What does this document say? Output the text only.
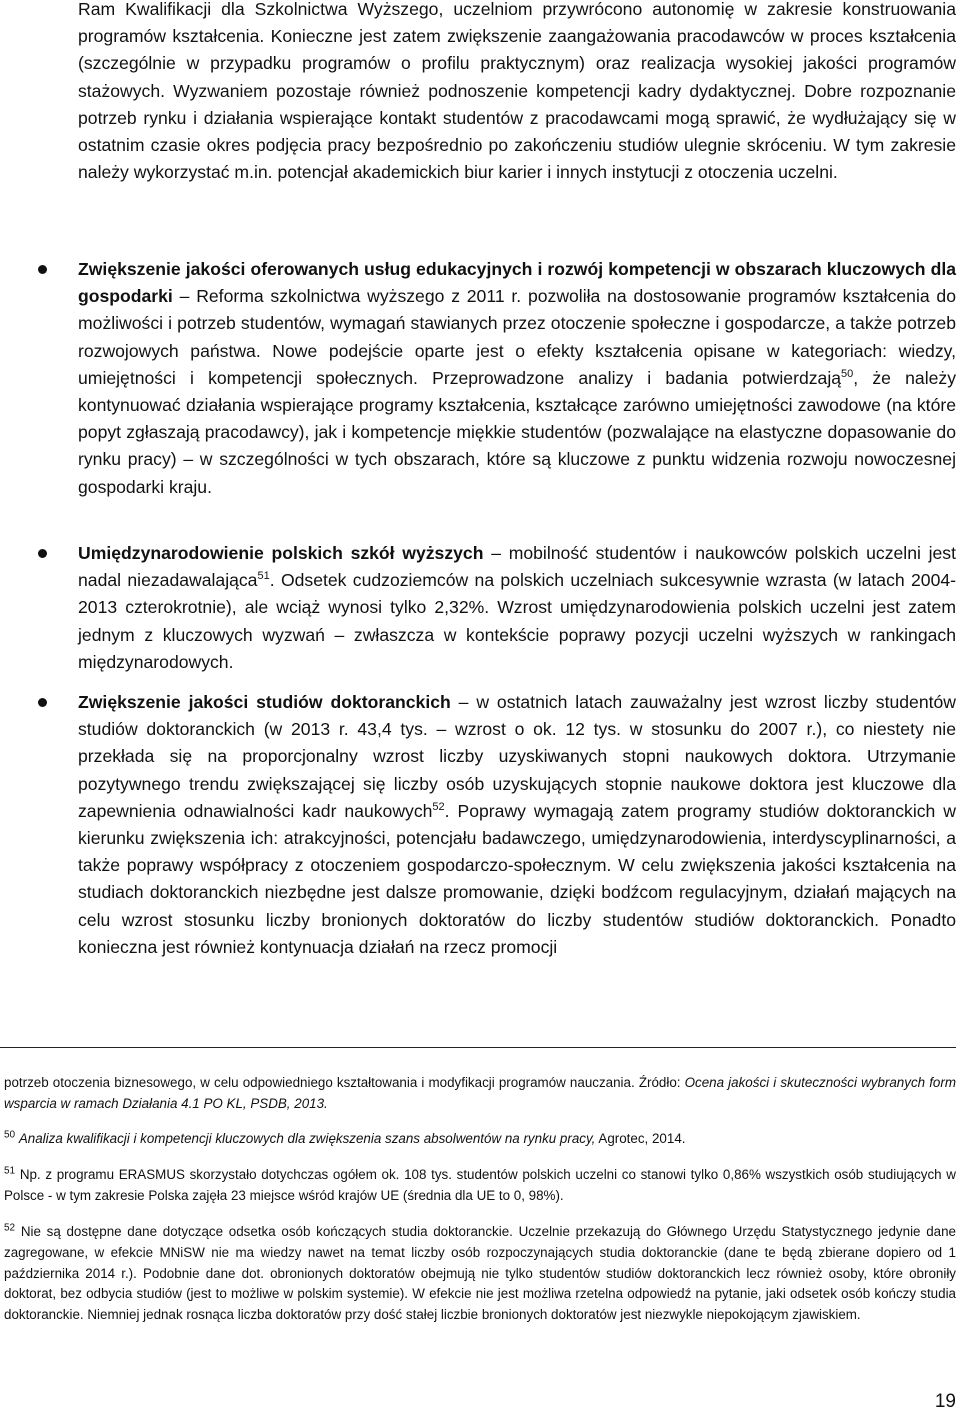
Ram Kwalifikacji dla Szkolnictwa Wyższego, uczelniom przywrócono autonomię w zakresie konstruowania programów kształcenia. Konieczne jest zatem zwiększenie zaangażowania pracodawców w proces kształcenia (szczególnie w przypadku programów o profilu praktycznym) oraz realizacja wysokiej jakości programów stażowych. Wyzwaniem pozostaje również podnoszenie kompetencji kadry dydaktycznej. Dobre rozpoznanie potrzeb rynku i działania wspierające kontakt studentów z pracodawcami mogą sprawić, że wydłużający się w ostatnim czasie okres podjęcia pracy bezpośrednio po zakończeniu studiów ulegnie skróceniu. W tym zakresie należy wykorzystać m.in. potencjał akademickich biur karier i innych instytucji z otoczenia uczelni.
Zwiększenie jakości oferowanych usług edukacyjnych i rozwój kompetencji w obszarach kluczowych dla gospodarki – Reforma szkolnictwa wyższego z 2011 r. pozwoliła na dostosowanie programów kształcenia do możliwości i potrzeb studentów, wymagań stawianych przez otoczenie społeczne i gospodarcze, a także potrzeb rozwojowych państwa. Nowe podejście oparte jest o efekty kształcenia opisane w kategoriach: wiedzy, umiejętności i kompetencji społecznych. Przeprowadzone analizy i badania potwierdzają$^{50}$, że należy kontynuować działania wspierające programy kształcenia, kształcące zarówno umiejętności zawodowe (na które popyt zgłaszają pracodawcy), jak i kompetencje miękkie studentów (pozwalające na elastyczne dopasowanie do rynku pracy) – w szczególności w tych obszarach, które są kluczowe z punktu widzenia rozwoju nowoczesnej gospodarki kraju.
Umiędzynarodowienie polskich szkół wyższych – mobilność studentów i naukowców polskich uczelni jest nadal niezadawalająca$^{51}$. Odsetek cudzoziemców na polskich uczelniach sukcesywnie wzrasta (w latach 2004-2013 czterokrotnie), ale wciąż wynosi tylko 2,32%. Wzrost umiędzynarodowienia polskich uczelni jest zatem jednym z kluczowych wyzwań – zwłaszcza w kontekście poprawy pozycji uczelni wyższych w rankingach międzynarodowych.
Zwiększenie jakości studiów doktoranckich – w ostatnich latach zauważalny jest wzrost liczby studentów studiów doktoranckich (w 2013 r. 43,4 tys. – wzrost o ok. 12 tys. w stosunku do 2007 r.), co niestety nie przekłada się na proporcjonalny wzrost liczby uzyskiwanych stopni naukowych doktora. Utrzymanie pozytywnego trendu zwiększającej się liczby osób uzyskujących stopnie naukowe doktora jest kluczowe dla zapewnienia odnawialności kadr naukowych$^{52}$. Poprawy wymagają zatem programy studiów doktoranckich w kierunku zwiększenia ich: atrakcyjności, potencjału badawczego, umiędzynarodowienia, interdyscyplinarności, a także poprawy współpracy z otoczeniem gospodarczo-społecznym. W celu zwiększenia jakości kształcenia na studiach doktoranckich niezbędne jest dalsze promowanie, dzięki bodźcom regulacyjnym, działań mających na celu wzrost stosunku liczby bronionych doktoratów do liczby studentów studiów doktoranckich. Ponadto konieczna jest również kontynuacja działań na rzecz promocji
potrzeb otoczenia biznesowego, w celu odpowiedniego kształtowania i modyfikacji programów nauczania. Źródło: Ocena jakości i skuteczności wybranych form wsparcia w ramach Działania 4.1 PO KL, PSDB, 2013.
$^{50}$ Analiza kwalifikacji i kompetencji kluczowych dla zwiększenia szans absolwentów na rynku pracy, Agrotec, 2014.
$^{51}$ Np. z programu ERASMUS skorzystało dotychczas ogółem ok. 108 tys. studentów polskich uczelni co stanowi tylko 0,86% wszystkich osób studiujących w Polsce - w tym zakresie Polska zajęła 23 miejsce wśród krajów UE (średnia dla UE to 0, 98%).
$^{52}$ Nie są dostępne dane dotyczące odsetka osób kończących studia doktoranckie. Uczelnie przekazują do Głównego Urzędu Statystycznego jedynie dane zagregowane, w efekcie MNiSW nie ma wiedzy nawet na temat liczby osób rozpoczynających studia doktoranckie (dane te będą zbierane dopiero od 1 października 2014 r.). Podobnie dane dot. obronionych doktoratów obejmują nie tylko studentów studiów doktoranckich lecz również osoby, które obroniły doktorat, bez odbycia studiów (jest to możliwe w polskim systemie). W efekcie nie jest możliwa rzetelna odpowiedź na pytanie, jaki odsetek osób kończy studia doktoranckie. Niemniej jednak rosnąca liczba doktoratów przy dość stałej liczbie bronionych doktoratów jest niezwykle niepokojącym zjawiskiem.
19
